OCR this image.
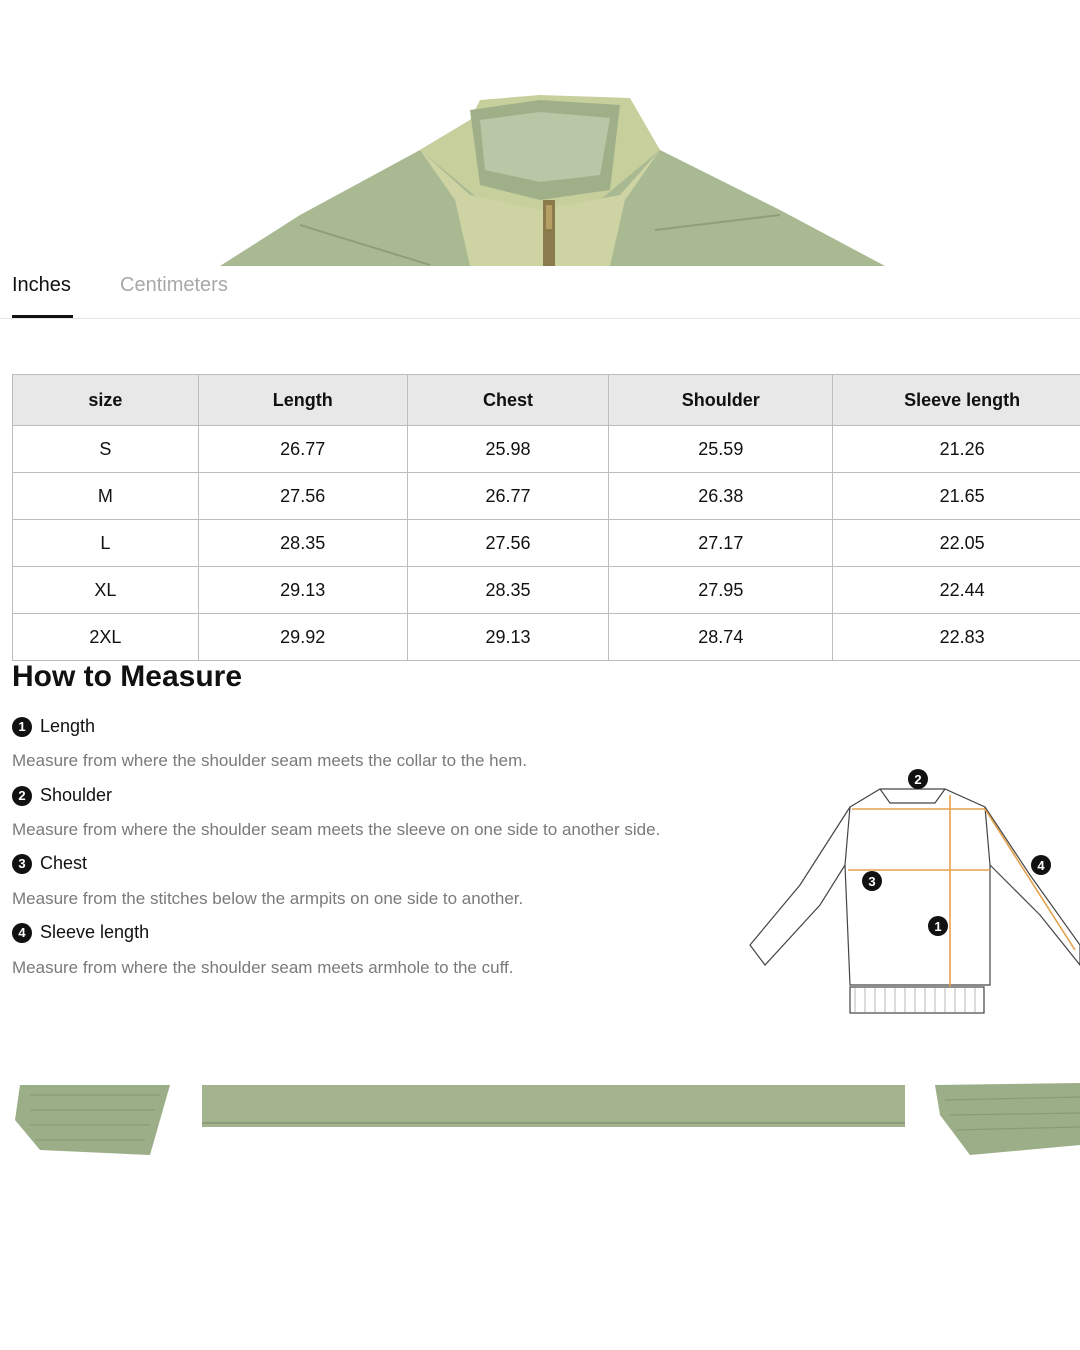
Inches Centimeters
size	Length	Chest	Shoulder	Sleeve length
S	26.77	25.98	25.59	21.26
M	27.56	26.77	26.38	21.65
L	28.35	27.56	27.17	22.05
XL	29.13	28.35	27.95	22.44
2XL	29.92	29.13	28.74	22.83
How to Measure
1 Length
Measure from where the shoulder seam meets the collar to the hem.
2 Shoulder
Measure from where the shoulder seam meets the sleeve on one side to another side.
3 Chest
Measure from the stitches below the armpits on one side to another.
4 Sleeve length
Measure from where the shoulder seam meets armhole to the cuff.
2
4
3
1
